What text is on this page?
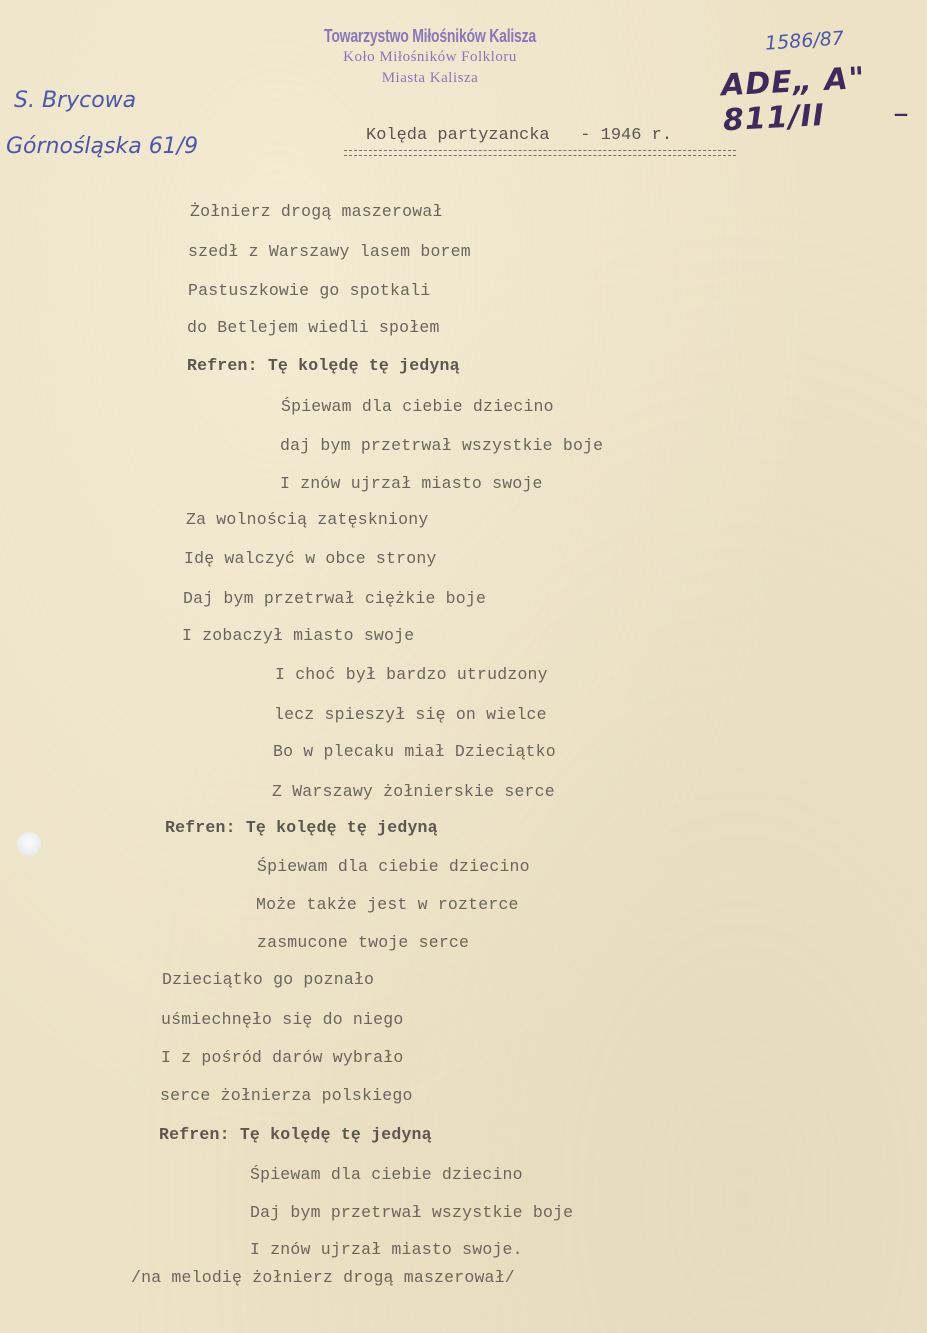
Towarzystwo Miłośników Kalisza
Koło Miłośników Folkloru
Miasta Kalisza
1586/87
ADE„ A" 811/II	‾
S. Brycowa
Górnośląska 61/9	Kolęda partyzancka   - 1946 r.
Żołnierz drogą maszerował
szedł z Warszawy lasem borem
Pastuszkowie go spotkali
do Betlejem wiedli społem
Refren: Tę kolędę tę jedyną
Śpiewam dla ciebie dziecino
daj bym przetrwał wszystkie boje
I znów ujrzał miasto swoje
Za wolnością zatęskniony
Idę walczyć w obce strony
Daj bym przetrwał ciężkie boje
I zobaczył miasto swoje
I choć był bardzo utrudzony
lecz spieszył się on wielce
Bo w plecaku miał Dzieciątko
Z Warszawy żołnierskie serce
Refren: Tę kolędę tę jedyną
Śpiewam dla ciebie dziecino
Może także jest w rozterce
zasmucone twoje serce
Dzieciątko go poznało
uśmiechnęło się do niego
I z pośród darów wybrało
serce żołnierza polskiego
Refren: Tę kolędę tę jedyną
Śpiewam dla ciebie dziecino
Daj bym przetrwał wszystkie boje
I znów ujrzał miasto swoje.
/na melodię żołnierz drogą maszerował/
